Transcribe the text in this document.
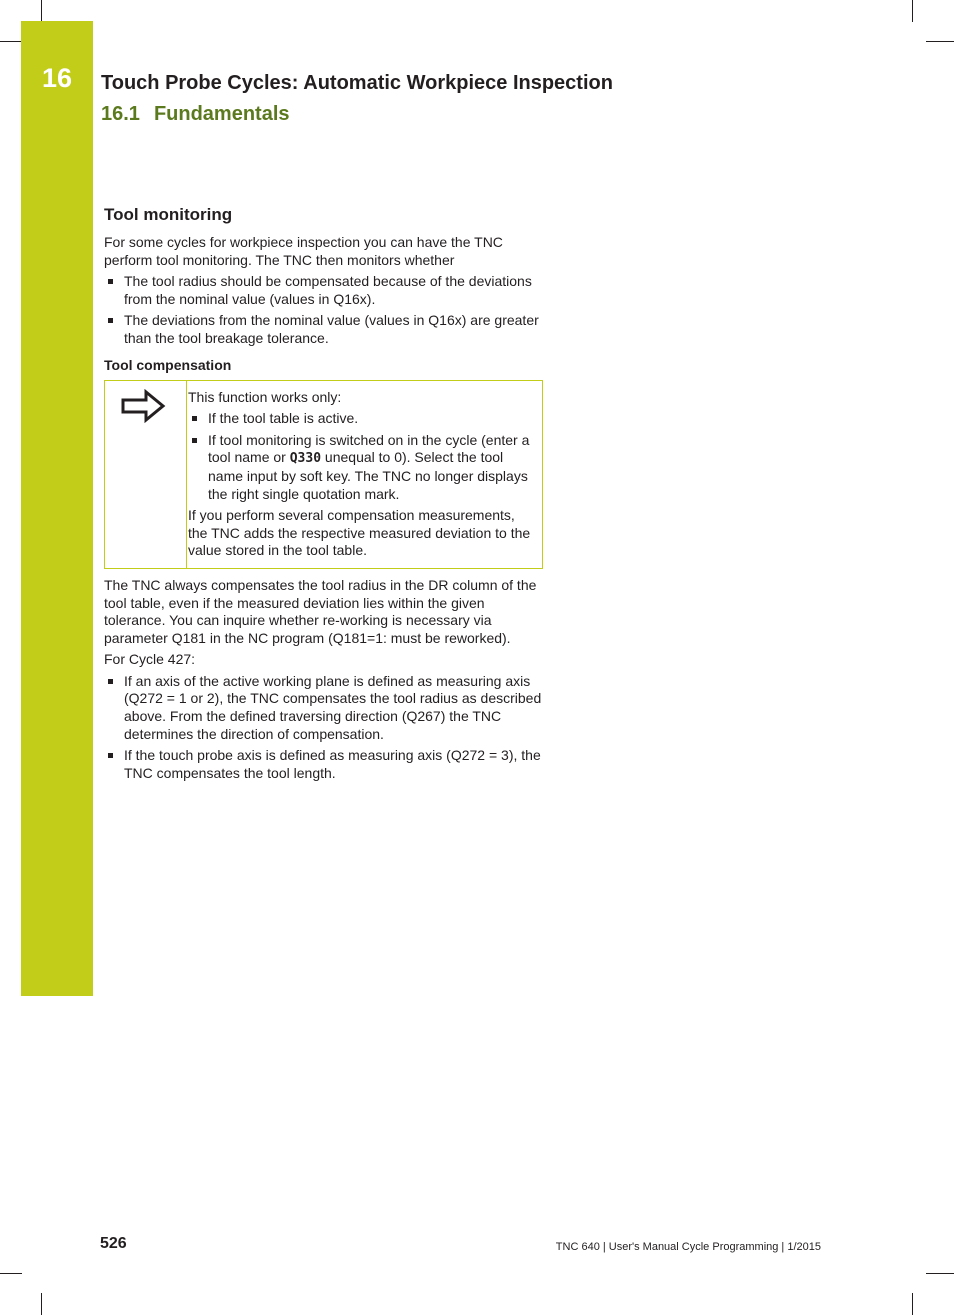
16	Touch Probe Cycles: Automatic Workpiece Inspection
16.1 Fundamentals
Tool monitoring

For some cycles for workpiece inspection you can have the TNC perform tool monitoring. The TNC then monitors whether

The tool radius should be compensated because of the deviations from the nominal value (values in Q16x).
The deviations from the nominal value (values in Q16x) are greater than the tool breakage tolerance.
Tool compensation

This function works only:

If the tool table is active.
If tool monitoring is switched on in the cycle (enter a tool name or Q330 unequal to 0). Select the tool name input by soft key. The TNC no longer displays the right single quotation mark.

If you perform several compensation measurements, the TNC adds the respective measured deviation to the value stored in the tool table.

The TNC always compensates the tool radius in the DR column of the tool table, even if the measured deviation lies within the given tolerance. You can inquire whether re-working is necessary via parameter Q181 in the NC program (Q181=1: must be reworked).

For Cycle 427:

If an axis of the active working plane is defined as measuring axis (Q272 = 1 or 2), the TNC compensates the tool radius as described above. From the defined traversing direction (Q267) the TNC determines the direction of compensation.
If the touch probe axis is defined as measuring axis (Q272 = 3), the TNC compensates the tool length.
526	TNC 640 | User's Manual Cycle Programming | 1/2015
